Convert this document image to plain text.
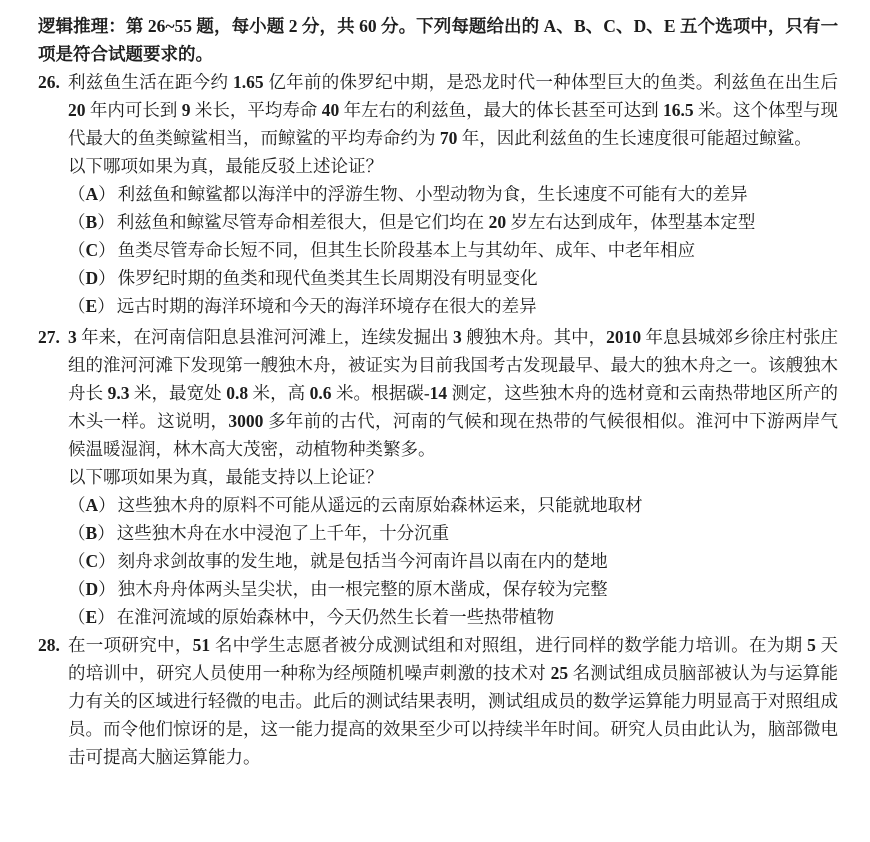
逻辑推理：第 26~55 题，每小题 2 分，共 60 分。下列每题给出的 A、B、C、D、E 五个选项中，只有一项是符合试题要求的。

26. 利兹鱼生活在距今约 1.65 亿年前的侏罗纪中期，是恐龙时代一种体型巨大的鱼类。利兹鱼在出生后 20 年内可长到 9 米长，平均寿命 40 年左右的利兹鱼，最大的体长甚至可达到 16.5 米。这个体型与现代最大的鱼类鲸鲨相当，而鲸鲨的平均寿命约为 70 年，因此利兹鱼的生长速度很可能超过鲸鲨。

以下哪项如果为真，最能反驳上述论证？

（A） 利兹鱼和鲸鲨都以海洋中的浮游生物、小型动物为食，生长速度不可能有大的差异

（B） 利兹鱼和鲸鲨尽管寿命相差很大，但是它们均在 20 岁左右达到成年，体型基本定型

（C） 鱼类尽管寿命长短不同，但其生长阶段基本上与其幼年、成年、中老年相应

（D） 侏罗纪时期的鱼类和现代鱼类其生长周期没有明显变化

（E） 远古时期的海洋环境和今天的海洋环境存在很大的差异

27. 3 年来，在河南信阳息县淮河河滩上，连续发掘出 3 艘独木舟。其中，2010 年息县城郊乡徐庄村张庄组的淮河河滩下发现第一艘独木舟，被证实为目前我国考古发现最早、最大的独木舟之一。该艘独木舟长 9.3 米，最宽处 0.8 米，高 0.6 米。根据碳-14 测定，这些独木舟的选材竟和云南热带地区所产的木头一样。这说明，3000 多年前的古代，河南的气候和现在热带的气候很相似。淮河中下游两岸气候温暖湿润，林木高大茂密，动植物种类繁多。

以下哪项如果为真，最能支持以上论证？

（A） 这些独木舟的原料不可能从遥远的云南原始森林运来，只能就地取材

（B） 这些独木舟在水中浸泡了上千年，十分沉重

（C） 刻舟求剑故事的发生地，就是包括当今河南许昌以南在内的楚地

（D） 独木舟舟体两头呈尖状，由一根完整的原木凿成，保存较为完整

（E） 在淮河流域的原始森林中，今天仍然生长着一些热带植物

28. 在一项研究中，51 名中学生志愿者被分成测试组和对照组，进行同样的数学能力培训。在为期 5 天的培训中，研究人员使用一种称为经颅随机噪声刺激的技术对 25 名测试组成员脑部被认为与运算能力有关的区域进行轻微的电击。此后的测试结果表明，测试组成员的数学运算能力明显高于对照组成员。而令他们惊讶的是，这一能力提高的效果至少可以持续半年时间。研究人员由此认为，脑部微电击可提高大脑运算能力。
